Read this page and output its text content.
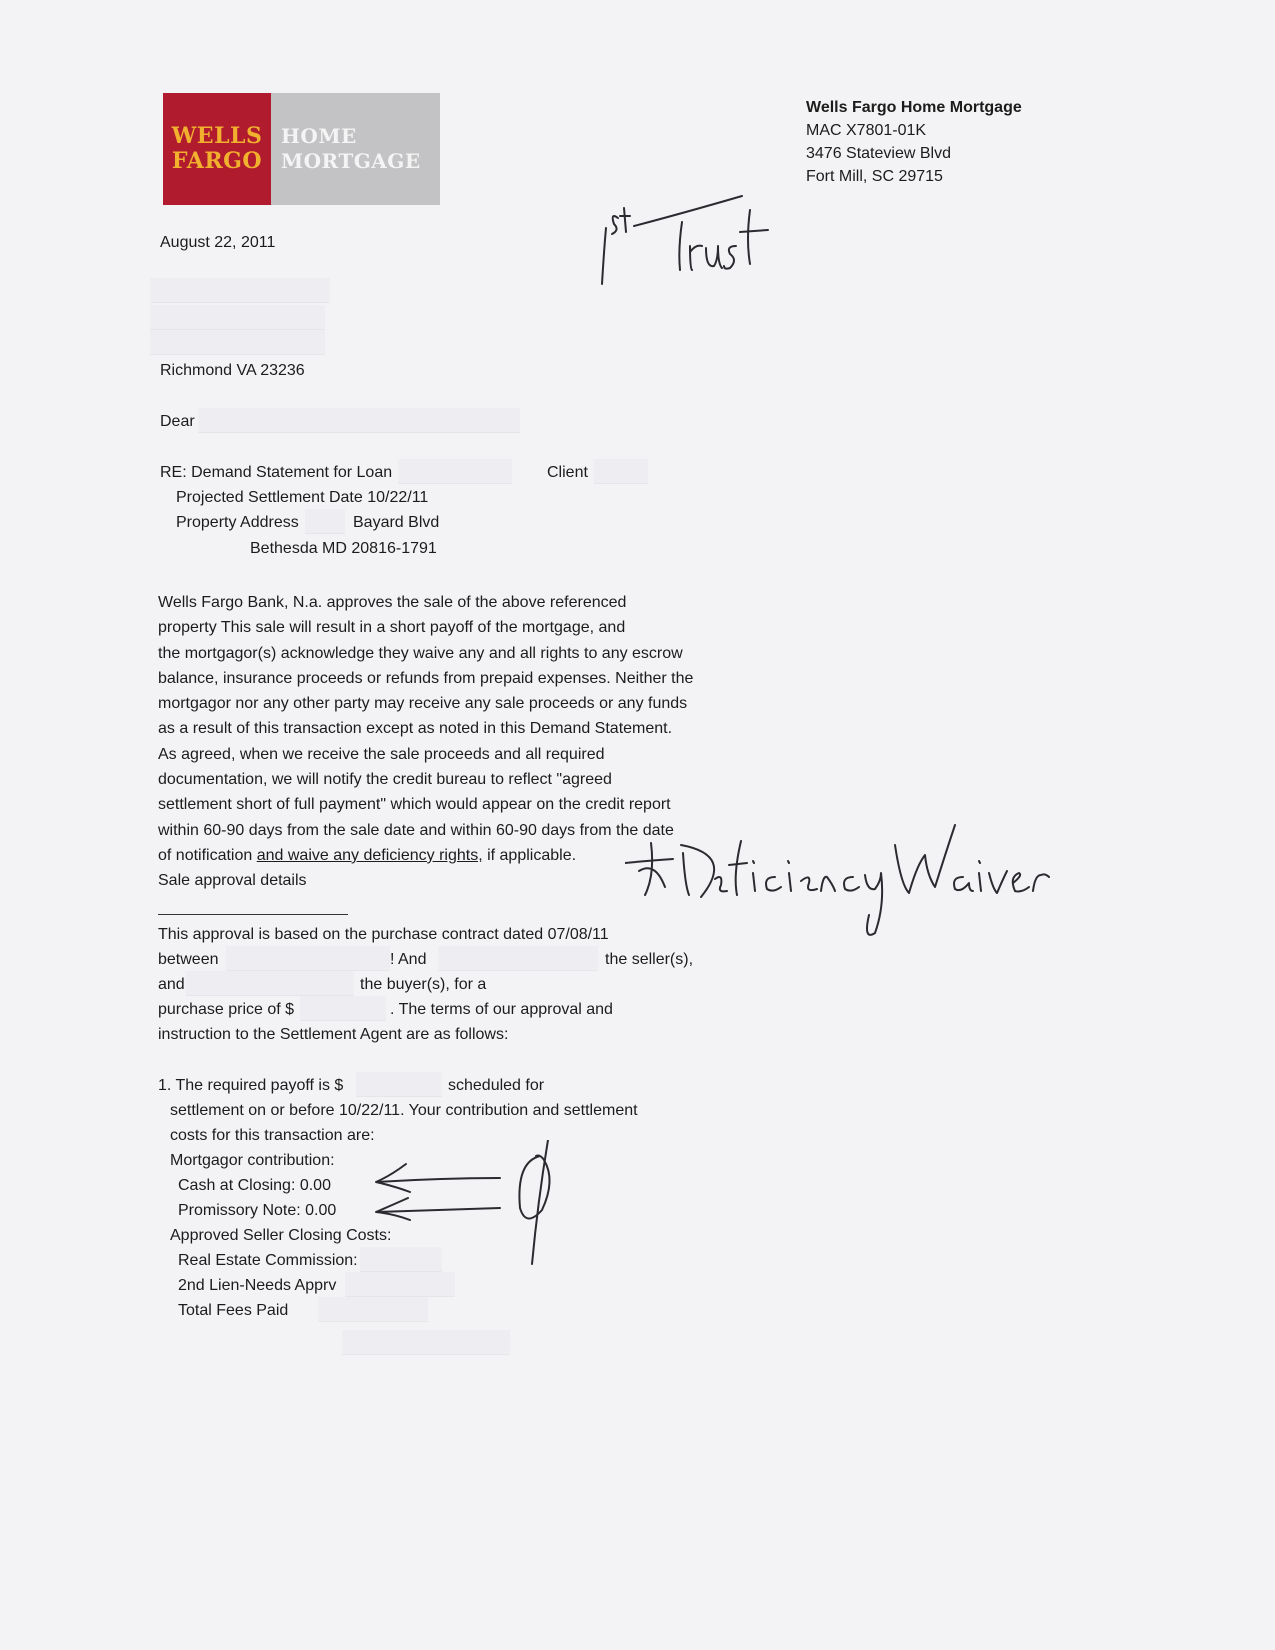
WELLS
FARGO
HOME
MORTGAGE
Wells Fargo Home Mortgage
MAC X7801-01K
3476 Stateview Blvd
Fort Mill, SC 29715
August 22, 2011
Richmond VA 23236
Dear
RE: Demand Statement for Loan	Client
Projected Settlement Date 10/22/11
Property Address	Bayard Blvd
Bethesda MD 20816-1791
Wells Fargo Bank, N.a. approves the sale of the above referenced
property This sale will result in a short payoff of the mortgage, and
the mortgagor(s) acknowledge they waive any and all rights to any escrow
balance, insurance proceeds or refunds from prepaid expenses. Neither the
mortgagor nor any other party may receive any sale proceeds or any funds
as a result of this transaction except as noted in this Demand Statement.
As agreed, when we receive the sale proceeds and all required
documentation, we will notify the credit bureau to reflect "agreed
settlement short of full payment" which would appear on the credit report
within 60-90 days from the sale date and within 60-90 days from the date
of notification and waive any deficiency rights, if applicable.
Sale approval details
This approval is based on the purchase contract dated 07/08/11
between	! And	the seller(s),
and	the buyer(s), for a
purchase price of $	. The terms of our approval and
instruction to the Settlement Agent are as follows:
1. The required payoff is $	scheduled for
settlement on or before 10/22/11. Your contribution and settlement
costs for this transaction are:
Mortgagor contribution:
Cash at Closing: 0.00
Promissory Note: 0.00
Approved Seller Closing Costs:
Real Estate Commission:
2nd Lien-Needs Apprv
Total Fees Paid
